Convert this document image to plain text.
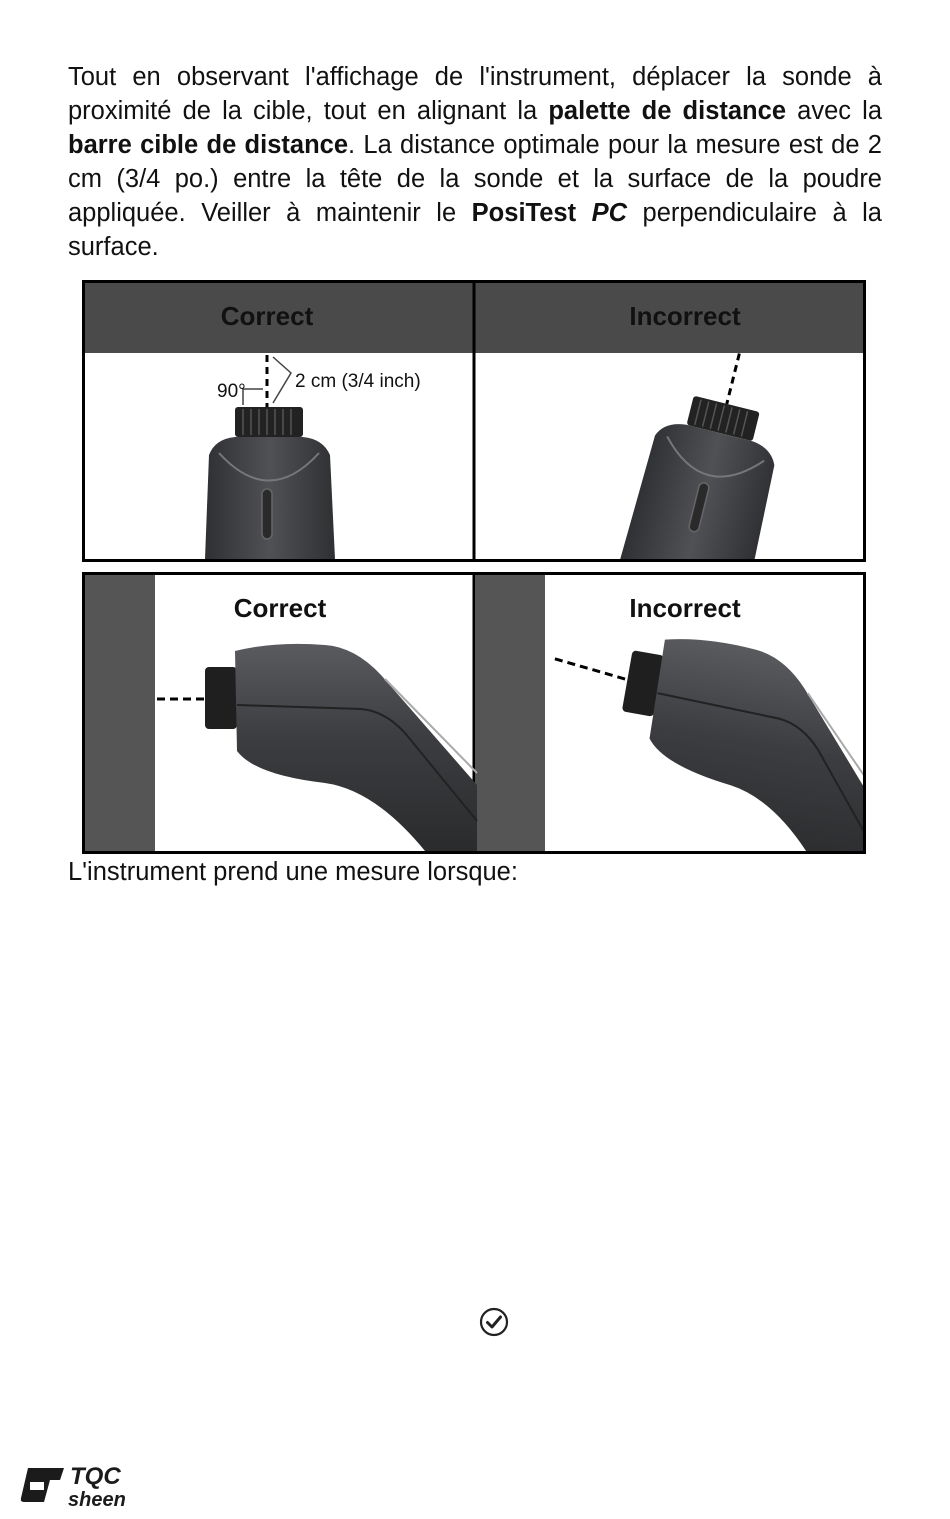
Tout en observant l'affichage de l'instrument, déplacer la sonde à proximité de la cible, tout en alignant la palette de distance avec la barre cible de distance. La distance optimale pour la mesure est de 2 cm (3/4 po.) entre la tête de la sonde et la surface de la poudre appliquée. Veiller à maintenir le PosiTest PC perpendiculaire à la surface.

Correct	Incorrect
90°	2 cm (3/4 inch)
Correct	Incorrect

L'instrument prend une mesure lorsque:

TQC
sheen
